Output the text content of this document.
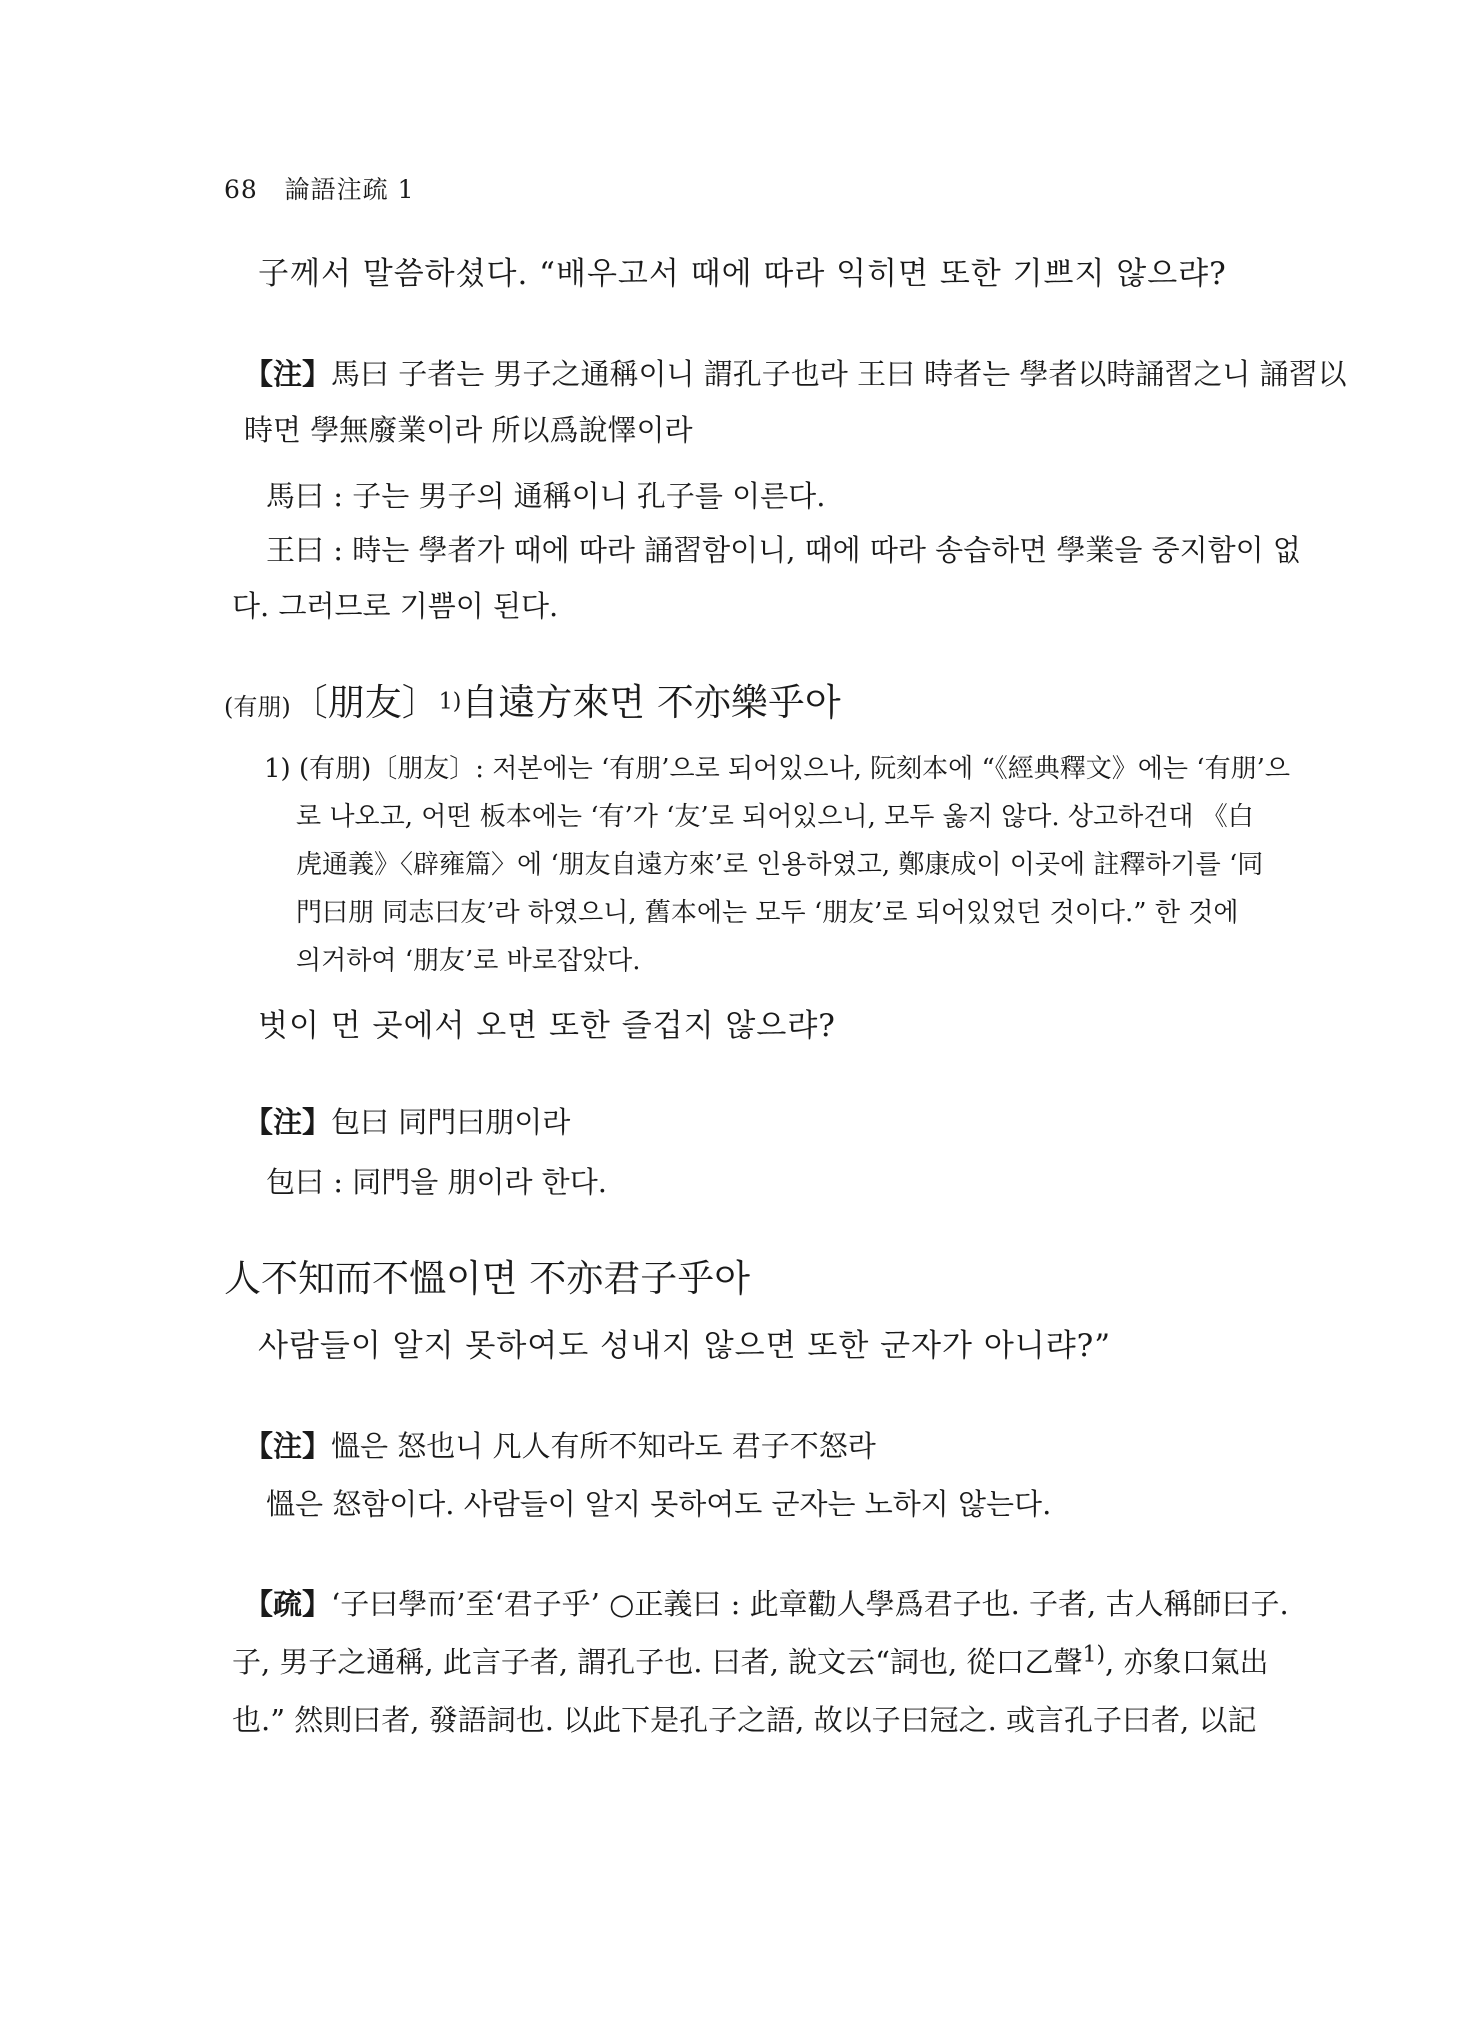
68 論語注疏 1
子께서 말씀하셨다. “배우고서 때에 따라 익히면 또한 기쁘지 않으랴?
【注】馬曰 子者는 男子之通稱이니 謂孔子也라 王曰 時者는 學者以時誦習之니 誦習以
時면 學無廢業이라 所以爲說懌이라
馬曰 : 子는 男子의 通稱이니 孔子를 이른다.
王曰 : 時는 學者가 때에 따라 誦習함이니, 때에 따라 송습하면 學業을 중지함이 없
다. 그러므로 기쁨이 된다.
(有朋)〔朋友〕$^{1)}$自遠方來면 不亦樂乎아
1) (有朋)〔朋友〕: 저본에는 ‘有朋’으로 되어있으나, 阮刻本에 “《經典釋文》에는 ‘有朋’으
로 나오고, 어떤 板本에는 ‘有’가 ‘友’로 되어있으니, 모두 옳지 않다. 상고하건대 《白
虎通義》〈辟雍篇〉에 ‘朋友自遠方來’로 인용하였고, 鄭康成이 이곳에 註釋하기를 ‘同
門曰朋 同志曰友’라 하였으니, 舊本에는 모두 ‘朋友’로 되어있었던 것이다.” 한 것에
의거하여 ‘朋友’로 바로잡았다.
벗이 먼 곳에서 오면 또한 즐겁지 않으랴?
【注】包曰 同門曰朋이라
包曰 : 同門을 朋이라 한다.
人不知而不慍이면 不亦君子乎아
사람들이 알지 못하여도 성내지 않으면 또한 군자가 아니랴?”
【注】慍은 怒也니 凡人有所不知라도 君子不怒라
慍은 怒함이다. 사람들이 알지 못하여도 군자는 노하지 않는다.
【疏】‘子曰學而’至‘君子乎’ ○正義曰 : 此章勸人學爲君子也. 子者, 古人稱師曰子.
子, 男子之通稱, 此言子者, 謂孔子也. 曰者, 說文云“詞也, 從口乙聲$^{1)}$, 亦象口氣出
也.” 然則曰者, 發語詞也. 以此下是孔子之語, 故以子曰冠之. 或言孔子曰者, 以記
